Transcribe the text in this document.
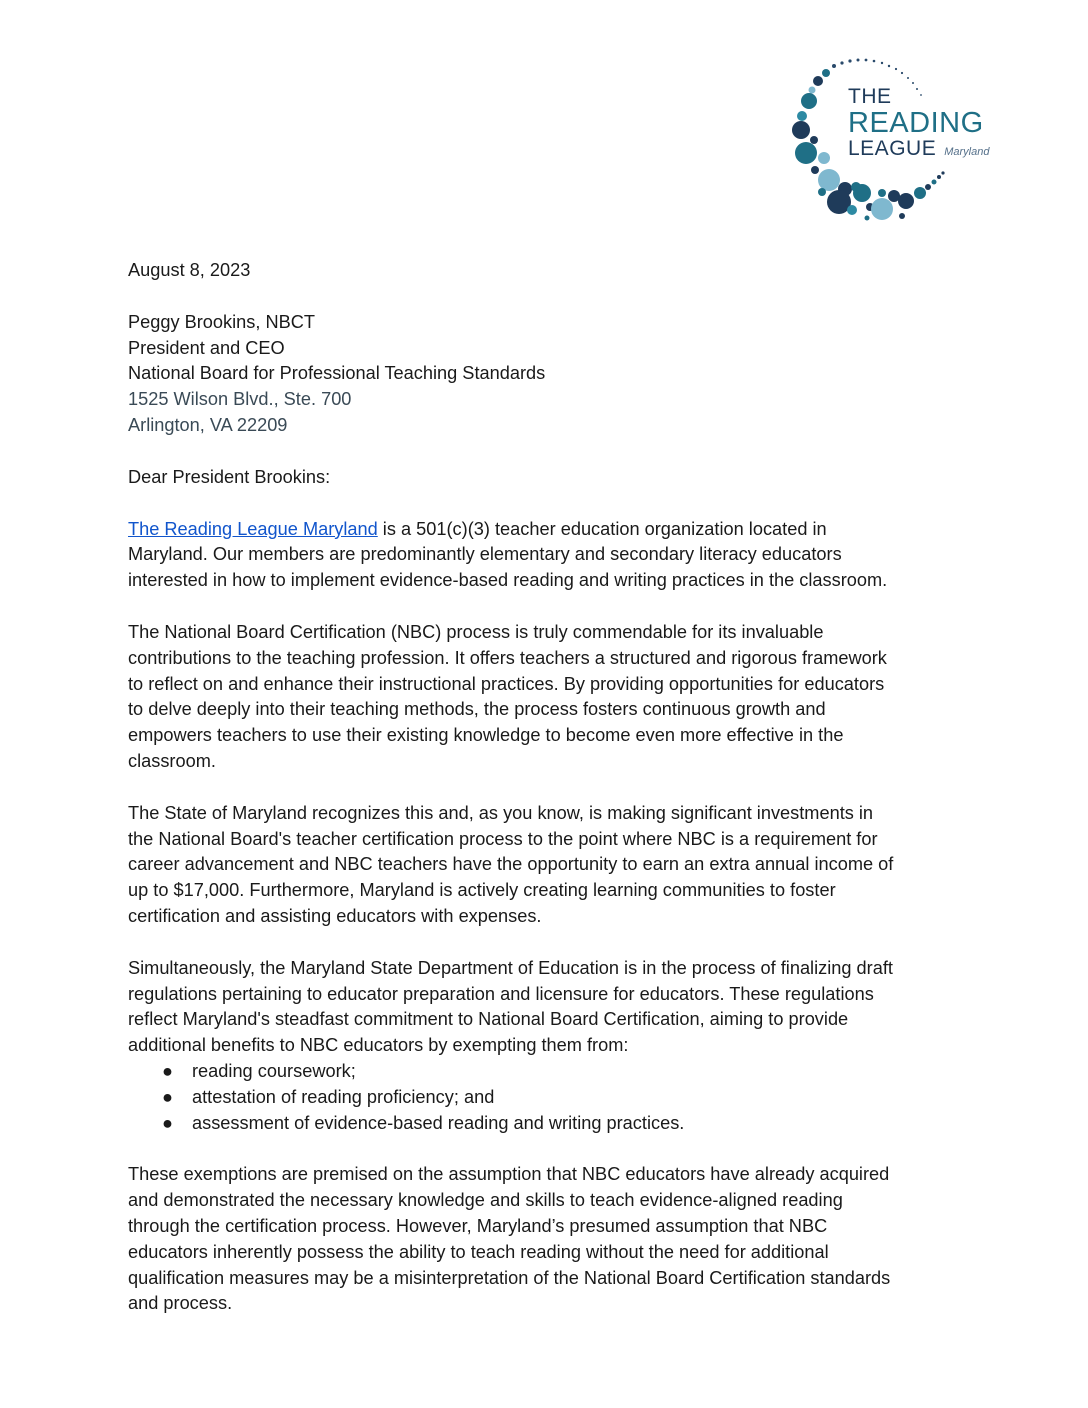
THE
READING
LEAGUE Maryland
August 8, 2023
Peggy Brookins, NBCT
President and CEO
National Board for Professional Teaching Standards
1525 Wilson Blvd., Ste. 700
Arlington, VA 22209
Dear President Brookins:
The Reading League Maryland is a 501(c)(3) teacher education organization located in
Maryland. Our members are predominantly elementary and secondary literacy educators
interested in how to implement evidence-based reading and writing practices in the classroom.
The National Board Certification (NBC) process is truly commendable for its invaluable
contributions to the teaching profession. It offers teachers a structured and rigorous framework
to reflect on and enhance their instructional practices. By providing opportunities for educators
to delve deeply into their teaching methods, the process fosters continuous growth and
empowers teachers to use their existing knowledge to become even more effective in the
classroom.
The State of Maryland recognizes this and, as you know, is making significant investments in
the National Board's teacher certification process to the point where NBC is a requirement for
career advancement and NBC teachers have the opportunity to earn an extra annual income of
up to $17,000. Furthermore, Maryland is actively creating learning communities to foster
certification and assisting educators with expenses.
Simultaneously, the Maryland State Department of Education is in the process of finalizing draft
regulations pertaining to educator preparation and licensure for educators. These regulations
reflect Maryland's steadfast commitment to National Board Certification, aiming to provide
additional benefits to NBC educators by exempting them from:
● reading coursework;
● attestation of reading proficiency; and
● assessment of evidence-based reading and writing practices.
These exemptions are premised on the assumption that NBC educators have already acquired
and demonstrated the necessary knowledge and skills to teach evidence-aligned reading
through the certification process. However, Maryland’s presumed assumption that NBC
educators inherently possess the ability to teach reading without the need for additional
qualification measures may be a misinterpretation of the National Board Certification standards
and process.
